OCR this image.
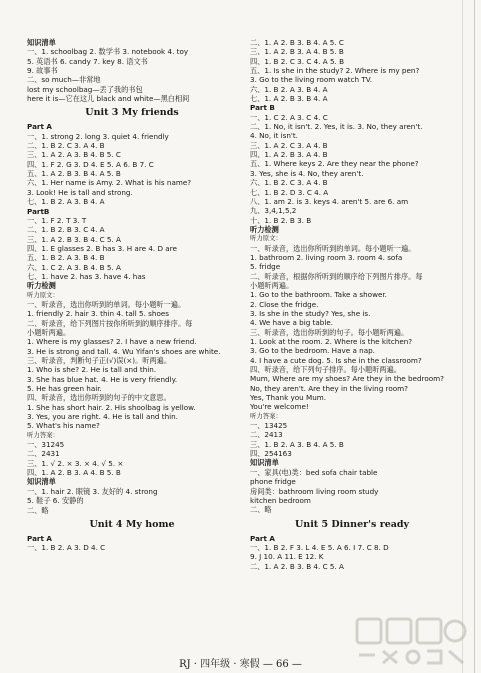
知识清单
一、1. schoolbag 2. 数学书 3. notebook 4. toy
5. 英语书 6. candy 7. key 8. 语文书
9. 故事书
二、so much—非常地
lost my schoolbag—丢了我的书包
here it is—它在这儿 black and white—黑白相间
Unit 3 My friends
Part A
一、1. strong 2. long 3. quiet 4. friendly
二、1. B 2. C 3. A 4. B
三、1. A 2. A 3. B 4. B 5. C
四、1. F 2. G 3. D 4. E 5. A 6. B 7. C
五、1. A 2. B 3. B 4. A 5. B
六、1. Her name is Amy. 2. What is his name?
3. Look! He is tall and strong.
七、1. B 2. A 3. B 4. A
PartB
一、1. F 2. T 3. T
二、1. B 2. B 3. C 4. A
三、1. A 2. B 3. B 4. C 5. A
四、1. E glasses 2. B has 3. H are 4. D are
五、1. B 2. A 3. B 4. B
六、1. C 2. A 3. B 4. B 5. A
七、1. have 2. has 3. have 4. has
听力检测
听力原文：
一、听录音，选出你听到的单词。每小题听一遍。
1. friendly 2. hair 3. thin 4. tall 5. shoes
二、听录音，给下列图片按你所听到的顺序排序。每
小题听两遍。
1. Where is my glasses? 2. I have a new friend.
3. He is strong and tall. 4. Wu Yifan's shoes are white.
三、听录音，判断句子正(√)误(×)。听两遍。
1. Who is she? 2. He is tall and thin.
3. She has blue hat. 4. He is very friendly.
5. He has green hair.
四、听录音，选出你听到的句子的中文意思。
1. She has short hair. 2. His shoolbag is yellow.
3. Yes, you are right. 4. He is tall and thin.
5. What's his name?
听力答案：
一、31245
二、2431
三、1. √ 2. × 3. × 4. √ 5. ×
四、1. A 2. B 3. A 4. B 5. B
知识清单
一、1. hair 2. 眼镜 3. 友好的 4. strong
5. 鞋子 6. 安静的
二、略
Unit 4 My home
Part A
一、1. B 2. A 3. D 4. C
二、1. A 2. B 3. B 4. A 5. C
三、1. A 2. B 3. A 4. B 5. B
四、1. B 2. C 3. C 4. A 5. B
五、1. Is she in the study? 2. Where is my pen?
3. Go to the living room watch TV.
六、1. B 2. A 3. B 4. A
七、1. A 2. B 3. B 4. A
Part B
一、1. C 2. A 3. C 4. C
二、1. No, it isn't. 2. Yes, it is. 3. No, they aren't.
4. No, it isn't.
三、1. A 2. C 3. A 4. B
四、1. A 2. B 3. A 4. B
五、1. Where keys 2. Are they near the phone?
3. Yes, she is 4. No, they aren't.
六、1. B 2. C 3. A 4. B
七、1. B 2. D 3. C 4. A
八、1. am 2. is 3. keys 4. aren't 5. are 6. am
九、3,4,1,5,2
十、1. B 2. B 3. B
听力检测
听力原文：
一、听录音，选出你所听到的单词。每小题听一遍。
1. bathroom 2. living room 3. room 4. sofa
5. fridge
二、听录音，根据你所听到的顺序给下列图片排序。每
小题听两遍。
1. Go to the bathroom. Take a shower.
2. Close the fridge.
3. Is she in the study? Yes, she is.
4. We have a big table.
三、听录音，选出你听到的句子。每小题听两遍。
1. Look at the room. 2. Where is the kitchen?
3. Go to the bedroom. Have a nap.
4. I have a cute dog. 5. Is she in the classroom?
四、听录音，给下列句子排序。每小题听两遍。
Mum, Where are my shoes? Are they in the bedroom?
No, they aren't. Are they in the living room?
Yes, Thank you Mum.
You're welcome!
听力答案：
一、13425
二、2413
三、1. B 2. A 3. B 4. A 5. B
四、254163
知识清单
一、家具(电)类：bed sofa chair table
phone fridge
房间类：bathroom living room study
kitchen bedroom
二、略
Unit 5 Dinner's ready
Part A
一、1. B 2. F 3. L 4. E 5. A 6. I 7. C 8. D
9. J 10. A 11. E 12. K
二、1. A 2. B 3. B 4. C 5. A
RJ · 四年级 · 寒假 — 66 —
